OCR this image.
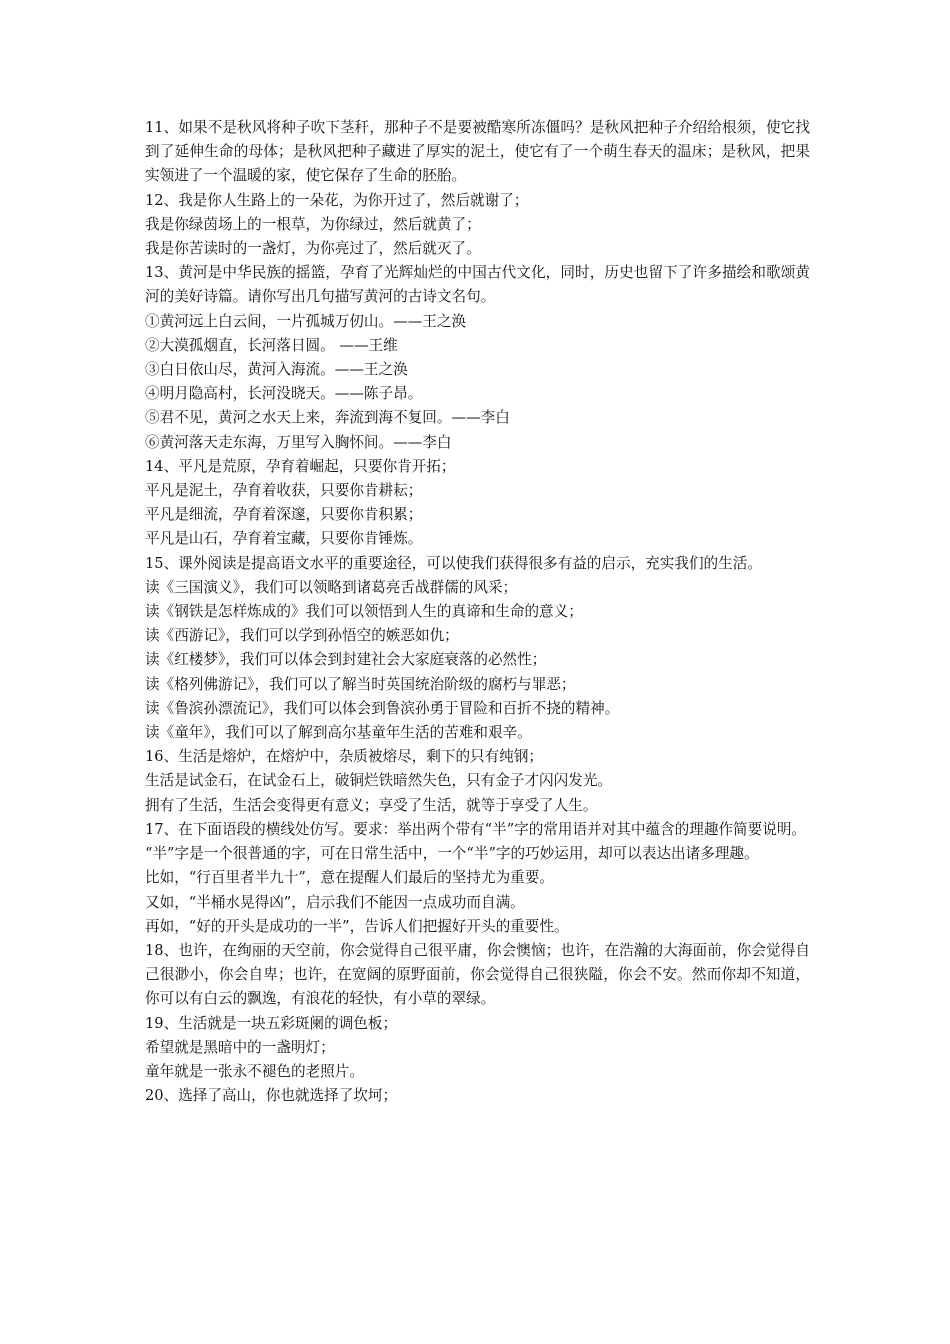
11、如果不是秋风将种子吹下茎秆，那种子不是要被酷寒所冻僵吗？是秋风把种子介绍给根须，使它找到了延伸生命的母体；是秋风把种子藏进了厚实的泥土，使它有了一个萌生春天的温床；是秋风，把果实领进了一个温暖的家，使它保存了生命的胚胎。

12、我是你人生路上的一朵花，为你开过了，然后就谢了；

我是你绿茵场上的一根草，为你绿过，然后就黄了；

我是你苦读时的一盏灯，为你亮过了，然后就灭了。

13、黄河是中华民族的摇篮，孕育了光辉灿烂的中国古代文化，同时，历史也留下了许多描绘和歌颂黄河的美好诗篇。请你写出几句描写黄河的古诗文名句。

①黄河远上白云间，一片孤城万仞山。——王之涣

②大漠孤烟直，长河落日圆。 ——王维

③白日依山尽，黄河入海流。——王之涣

④明月隐高村，长河没晓天。——陈子昂。

⑤君不见，黄河之水天上来，奔流到海不复回。——李白

⑥黄河落天走东海，万里写入胸怀间。——李白

14、平凡是荒原，孕育着崛起，只要你肯开拓；

平凡是泥土，孕育着收获，只要你肯耕耘；

平凡是细流，孕育着深邃，只要你肯积累；

平凡是山石，孕育着宝藏，只要你肯锤炼。

15、课外阅读是提高语文水平的重要途径，可以使我们获得很多有益的启示，充实我们的生活。

读《三国演义》，我们可以领略到诸葛亮舌战群儒的风采；

读《钢铁是怎样炼成的》我们可以领悟到人生的真谛和生命的意义；

读《西游记》，我们可以学到孙悟空的嫉恶如仇；

读《红楼梦》，我们可以体会到封建社会大家庭衰落的必然性；

读《格列佛游记》，我们可以了解当时英国统治阶级的腐朽与罪恶；

读《鲁滨孙漂流记》，我们可以体会到鲁滨孙勇于冒险和百折不挠的精神。

读《童年》，我们可以了解到高尔基童年生活的苦难和艰辛。

16、生活是熔炉，在熔炉中，杂质被熔尽，剩下的只有纯钢；

生活是试金石，在试金石上，破铜烂铁暗然失色，只有金子才闪闪发光。

拥有了生活，生活会变得更有意义；享受了生活，就等于享受了人生。

17、在下面语段的横线处仿写。要求：举出两个带有“半”字的常用语并对其中蕴含的理趣作简要说明。

“半”字是一个很普通的字，可在日常生活中，一个“半”字的巧妙运用，却可以表达出诸多理趣。

比如，“行百里者半九十”，意在提醒人们最后的坚持尤为重要。

又如，“半桶水晃得凶”，启示我们不能因一点成功而自满。

再如，“好的开头是成功的一半”，告诉人们把握好开头的重要性。

18、也许，在绚丽的天空前，你会觉得自己很平庸，你会懊恼；也许，在浩瀚的大海面前，你会觉得自己很渺小，你会自卑；也许，在宽阔的原野面前，你会觉得自己很狭隘，你会不安。然而你却不知道，你可以有白云的飘逸，有浪花的轻快，有小草的翠绿。

19、生活就是一块五彩斑阑的调色板；

希望就是黑暗中的一盏明灯；

童年就是一张永不褪色的老照片。

20、选择了高山，你也就选择了坎坷；
